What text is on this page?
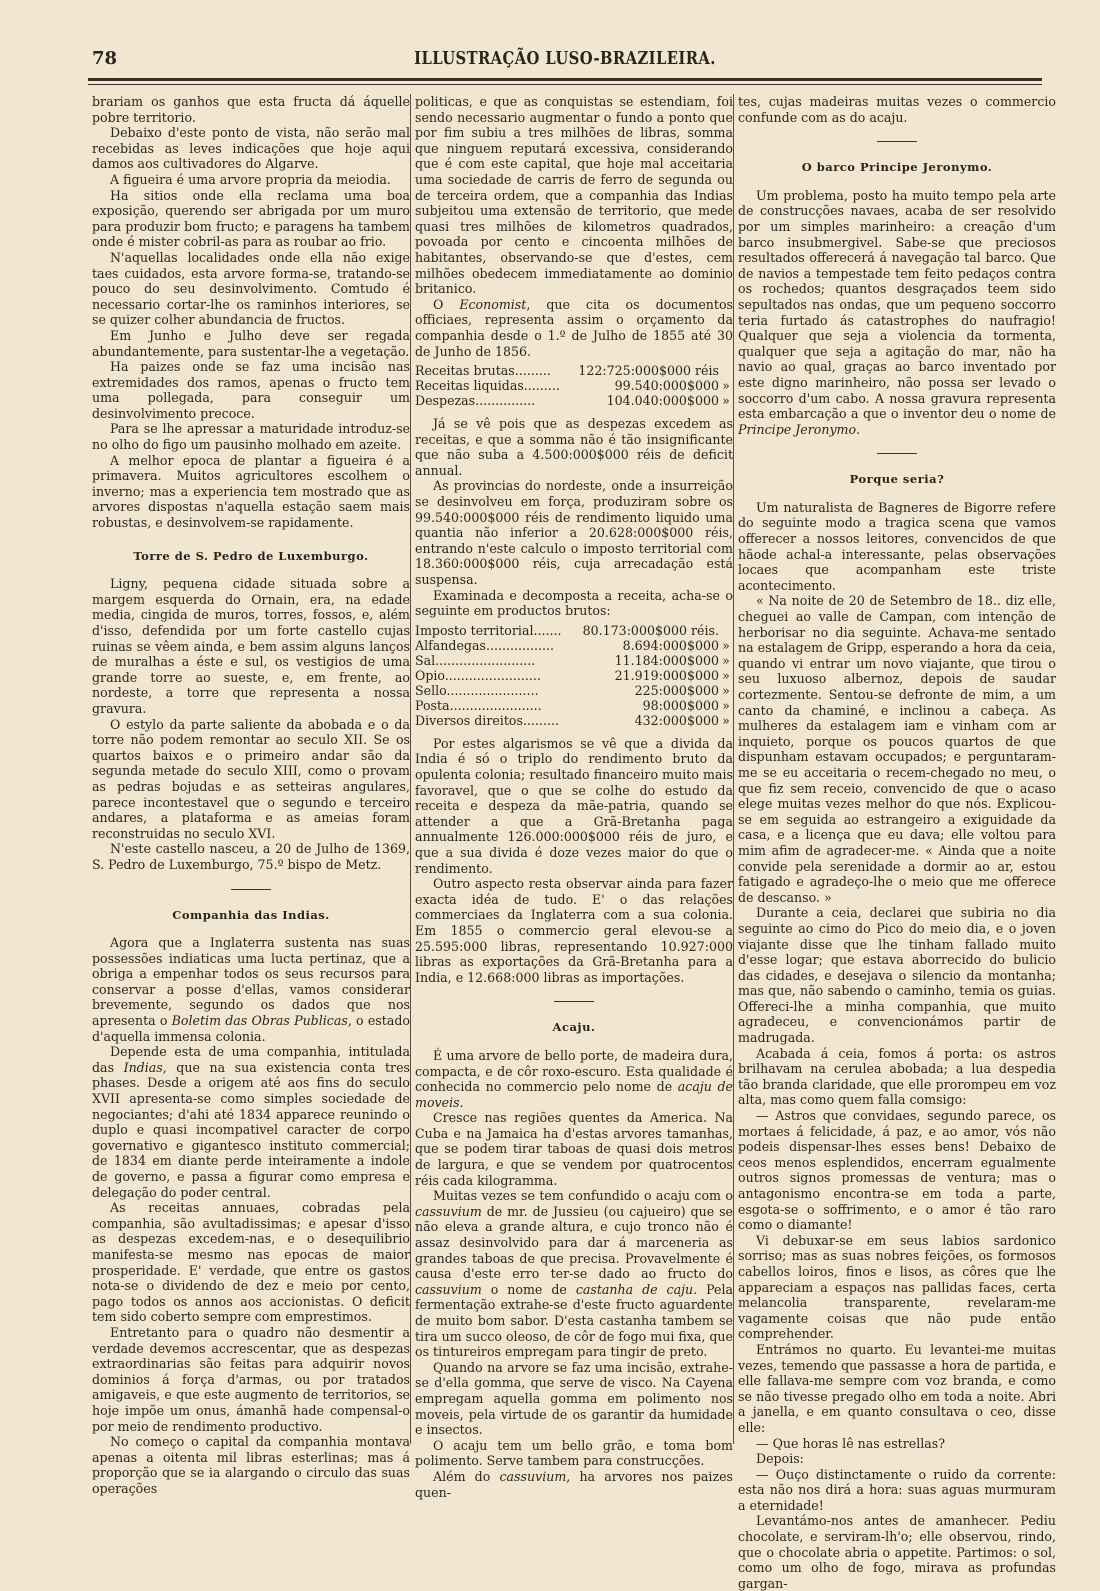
78	ILLUSTRAÇÃO LUSO-BRAZILEIRA.

brariam os ganhos que esta fructa dá áquelle pobre territorio.

Debaixo d'este ponto de vista, não serão mal recebidas as leves indicações que hoje aqui damos aos cultivadores do Algarve.

A figueira é uma arvore propria da meiodia.

Ha sitios onde ella reclama uma boa exposição, querendo ser abrigada por um muro para produzir bom fructo; e paragens ha tambem onde é mister cobril-as para as roubar ao frio.

N'aquellas localidades onde ella não exige taes cuidados, esta arvore forma-se, tratando-se pouco do seu desinvolvimento. Comtudo é necessario cortar-lhe os raminhos interiores, se se quizer colher abundancia de fructos.

Em Junho e Julho deve ser regada abundantemente, para sustentar-lhe a vegetação.

Ha paizes onde se faz uma incisão nas extremidades dos ramos, apenas o fructo tem uma pollegada, para conseguir um desinvolvimento precoce.

Para se lhe apressar a maturidade introduz-se no olho do figo um pausinho molhado em azeite.

A melhor epoca de plantar a figueira é a primavera. Muitos agricultores escolhem o inverno; mas a experiencia tem mostrado que as arvores dispostas n'aquella estação saem mais robustas, e desinvolvem-se rapidamente.

Torre de S. Pedro de Luxemburgo.

Ligny, pequena cidade situada sobre a margem esquerda do Ornain, era, na edade media, cingida de muros, torres, fossos, e, além d'isso, defendida por um forte castello cujas ruinas se vêem ainda, e bem assim alguns lanços de muralhas a éste e sul, os vestigios de uma grande torre ao sueste, e, em frente, ao nordeste, a torre que representa a nossa gravura.

O estylo da parte saliente da abobada e o da torre não podem remontar ao seculo XII. Se os quartos baixos e o primeiro andar são da segunda metade do seculo XIII, como o provam as pedras bojudas e as setteiras angulares, parece incontestavel que o segundo e terceiro andares, a plataforma e as ameias foram reconstruidas no seculo XVI.

N'este castello nasceu, a 20 de Julho de 1369, S. Pedro de Luxemburgo, 75.º bispo de Metz.

Companhia das Indias.

Agora que a Inglaterra sustenta nas suas possessões indiaticas uma lucta pertinaz, que a obriga a empenhar todos os seus recursos para conservar a posse d'ellas, vamos considerar brevemente, segundo os dados que nos apresenta o Boletim das Obras Publicas, o estado d'aquella immensa colonia.

Depende esta de uma companhia, intitulada das Indias, que na sua existencia conta tres phases. Desde a origem até aos fins do seculo XVII apresenta-se como simples sociedade de negociantes; d'ahi até 1834 apparece reunindo o duplo e quasi incompativel caracter de corpo governativo e gigantesco instituto commercial; de 1834 em diante perde inteiramente a indole de governo, e passa a figurar como empresa e delegação do poder central.

As receitas annuaes, cobradas pela companhia, são avultadissimas; e apesar d'isso as despezas excedem-nas, e o desequilibrio manifesta-se mesmo nas epocas de maior prosperidade. E' verdade, que entre os gastos nota-se o dividendo de dez e meio por cento, pago todos os annos aos accionistas. O deficit tem sido coberto sempre com emprestimos.

Entretanto para o quadro não desmentir a verdade devemos accrescentar, que as despezas extraordinarias são feitas para adquirir novos dominios á força d'armas, ou por tratados amigaveis, e que este augmento de territorios, se hoje impõe um onus, ámanhã hade compensal-o por meio de rendimento productivo.

No começo o capital da companhia montava apenas a oitenta mil libras esterlinas; mas á proporção que se ia alargando o circulo das suas operações

politicas, e que as conquistas se estendiam, foi sendo necessario augmentar o fundo a ponto que por fim subiu a tres milhões de libras, somma que ninguem reputará excessiva, considerando que é com este capital, que hoje mal acceitaria uma sociedade de carris de ferro de segunda ou de terceira ordem, que a companhia das Indias subjeitou uma extensão de territorio, que mede quasi tres milhões de kilometros quadrados, povoada por cento e cincoenta milhões de habitantes, observando-se que d'estes, cem milhões obedecem immediatamente ao dominio britanico.

O Economist, que cita os documentos officiaes, representa assim o orçamento da companhia desde o 1.º de Julho de 1855 até 30 de Junho de 1856.

Receitas brutas.........	122:725:000$000 réis	
Receitas liquidas.........	99.540:000$000	»
Despezas...............	104.040:000$000	»

Já se vê pois que as despezas excedem as receitas, e que a somma não é tão insignificante que não suba a 4.500:000$000 réis de deficit annual.

As provincias do nordeste, onde a insurreição se desinvolveu em força, produziram sobre os 99.540:000$000 réis de rendimento liquido uma quantia não inferior a 20.628:000$000 réis, entrando n'este calculo o imposto territorial com 18.360:000$000 réis, cuja arrecadação está suspensa.

Examinada e decomposta a receita, acha-se o seguinte em productos brutos:

Imposto territorial.......	80.173:000$000 réis.	
Alfandegas.................	8.694:000$000	»
Sal.........................	11.184:000$000	»
Opio........................	21.919:000$000	»
Sello.......................	225:000$000	»
Posta.......................	98:000$000	»
Diversos direitos.........	432:000$000	»

Por estes algarismos se vê que a divida da India é só o triplo do rendimento bruto da opulenta colonia; resultado financeiro muito mais favoravel, que o que se colhe do estudo da receita e despeza da mãe-patria, quando se attender a que a Grã-Bretanha paga annualmente 126.000:000$000 réis de juro, e que a sua divida é doze vezes maior do que o rendimento.

Outro aspecto resta observar ainda para fazer exacta idéa de tudo. E' o das relações commerciaes da Inglaterra com a sua colonia. Em 1855 o commercio geral elevou-se a 25.595:000 libras, representando 10.927:000 libras as exportações da Grã-Bretanha para a India, e 12.668:000 libras as importações.

Acaju.

É uma arvore de bello porte, de madeira dura, compacta, e de côr roxo-escuro. Esta qualidade é conhecida no commercio pelo nome de acaju de moveis.

Cresce nas regiões quentes da America. Na Cuba e na Jamaica ha d'estas arvores tamanhas, que se podem tirar taboas de quasi dois metros de largura, e que se vendem por quatrocentos réis cada kilogramma.

Muitas vezes se tem confundido o acaju com o cassuvium de mr. de Jussieu (ou cajueiro) que se não eleva a grande altura, e cujo tronco não é assaz desinvolvido para dar á marceneria as grandes taboas de que precisa. Provavelmente é causa d'este erro ter-se dado ao fructo do cassuvium o nome de castanha de caju. Pela fermentação extrahe-se d'este fructo aguardente de muito bom sabor. D'esta castanha tambem se tira um succo oleoso, de côr de fogo mui fixa, que os tintureiros empregam para tingir de preto.

Quando na arvore se faz uma incisão, extrahe-se d'ella gomma, que serve de visco. Na Cayena empregam aquella gomma em polimento nos moveis, pela virtude de os garantir da humidade e insectos.

O acaju tem um bello grão, e toma bom polimento. Serve tambem para construcções.

Além do cassuvium, ha arvores nos paizes quen-

tes, cujas madeiras muitas vezes o commercio confunde com as do acaju.

O barco Principe Jeronymo.

Um problema, posto ha muito tempo pela arte de construcções navaes, acaba de ser resolvido por um simples marinheiro: a creação d'um barco insubmergivel. Sabe-se que preciosos resultados offerecerá á navegação tal barco. Que de navios a tempestade tem feito pedaços contra os rochedos; quantos desgraçados teem sido sepultados nas ondas, que um pequeno soccorro teria furtado ás catastrophes do naufragio! Qualquer que seja a violencia da tormenta, qualquer que seja a agitação do mar, não ha navio ao qual, graças ao barco inventado por este digno marinheiro, não possa ser levado o soccorro d'um cabo. A nossa gravura representa esta embarcação a que o inventor deu o nome de Principe Jeronymo.

Porque seria?

Um naturalista de Bagneres de Bigorre refere do seguinte modo a tragica scena que vamos offerecer a nossos leitores, convencidos de que hãode achal-a interessante, pelas observações locaes que acompanham este triste acontecimento.

« Na noite de 20 de Setembro de 18.. diz elle, cheguei ao valle de Campan, com intenção de herborisar no dia seguinte. Achava-me sentado na estalagem de Gripp, esperando a hora da ceia, quando vi entrar um novo viajante, que tirou o seu luxuoso albernoz, depois de saudar cortezmente. Sentou-se defronte de mim, a um canto da chaminé, e inclinou a cabeça. As mulheres da estalagem iam e vinham com ar inquieto, porque os poucos quartos de que dispunham estavam occupados; e perguntaram-me se eu acceitaria o recem-chegado no meu, o que fiz sem receio, convencido de que o acaso elege muitas vezes melhor do que nós. Explicou-se em seguida ao estrangeiro a exiguidade da casa, e a licença que eu dava; elle voltou para mim afim de agradecer-me. « Ainda que a noite convide pela serenidade a dormir ao ar, estou fatigado e agradeço-lhe o meio que me offerece de descanso. »

Durante a ceia, declarei que subiria no dia seguinte ao cimo do Pico do meio dia, e o joven viajante disse que lhe tinham fallado muito d'esse logar; que estava aborrecido do bulicio das cidades, e desejava o silencio da montanha; mas que, não sabendo o caminho, temia os guias. Offereci-lhe a minha companhia, que muito agradeceu, e convencionámos partir de madrugada.

Acabada á ceia, fomos á porta: os astros brilhavam na cerulea abobada; a lua despedia tão branda claridade, que elle prorompeu em voz alta, mas como quem falla comsigo:

— Astros que convidaes, segundo parece, os mortaes á felicidade, á paz, e ao amor, vós não podeis dispensar-lhes esses bens! Debaixo de ceos menos esplendidos, encerram egualmente outros signos promessas de ventura; mas o antagonismo encontra-se em toda a parte, esgota-se o soffrimento, e o amor é tão raro como o diamante!

Vi debuxar-se em seus labios sardonico sorriso; mas as suas nobres feições, os formosos cabellos loiros, finos e lisos, as côres que lhe appareciam a espaços nas pallidas faces, certa melancolia transparente, revelaram-me vagamente coisas que não pude então comprehender.

Entrámos no quarto. Eu levantei-me muitas vezes, temendo que passasse a hora de partida, e elle fallava-me sempre com voz branda, e como se não tivesse pregado olho em toda a noite. Abri a janella, e em quanto consultava o ceo, disse elle:

— Que horas lê nas estrellas?

Depois:

— Ouço distinctamente o ruido da corrente: esta não nos dirá a hora: suas aguas murmuram a eternidade!

Levantámo-nos antes de amanhecer. Pediu chocolate, e serviram-lh'o; elle observou, rindo, que o chocolate abria o appetite. Partimos: o sol, como um olho de fogo, mirava as profundas gargan-
